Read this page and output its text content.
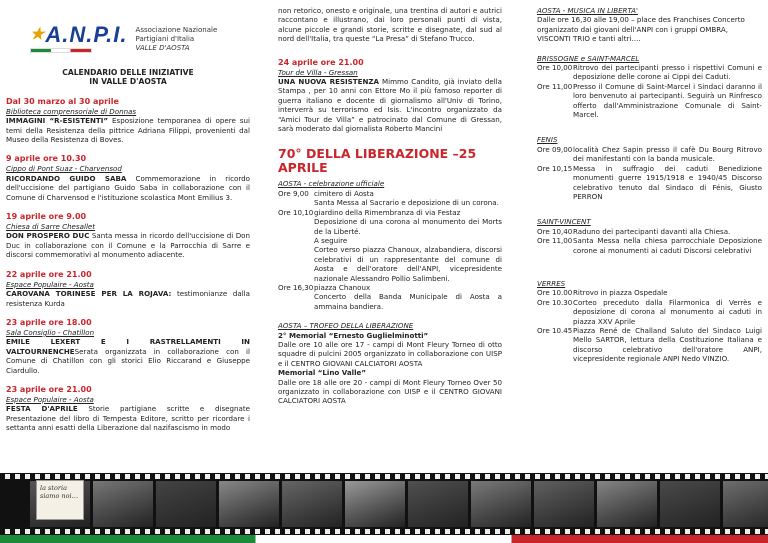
★A.N.P.I. Associazione Nazionale
Partigiani d'Italia
VALLE D'AOSTA
CALENDARIO DELLE INIZIATIVE
IN VALLE D'AOSTA
Dal 30 marzo al 30 aprile
Biblioteca comprensoriale di Donnas
IMMAGINI “R-ESISTENTI” Esposizione temporanea di opere sui temi della Resistenza della pittrice Adriana Filippi, provenienti dal Museo della Resistenza di Boves.
9 aprile ore 10.30
Cippo di Pont Suaz - Charvensod
RICORDANDO GUIDO SABA Commemorazione in ricordo dell'uccisione del partigiano Guido Saba in collaborazione con il Comune di Charvensod e l'istituzione scolastica Mont Emilius 3.
19 aprile ore 9.00
Chiesa di Sarre Chesallet
DON PROSPERO DUC Santa messa in ricordo dell'uccisione di Don Duc in collaborazione con il Comune e la Parrocchia di Sarre e discorsi commemorativi al monumento adiacente.
22 aprile ore 21.00
Espace Populaire - Aosta
CAROVANA TORINESE PER LA ROJAVA: testimonianze dalla resistenza Kurda
23 aprile ore 18.00
Sala Consiglio - Chatillon
EMILE LEXERT E I RASTRELLAMENTI IN VALTOURNENCHESerata organizzata in collaborazione con il Comune di Chatillon con gli storici Elio Riccarand e Giuseppe Ciardullo.
23 aprile ore 21.00
Espace Populaire - Aosta
FESTA D'APRILE Storie partigiane scritte e disegnate Presentazione del libro di Tempesta Editore, scritto per ricordare i settanta anni esatti della Liberazione dal nazifascismo in modo
non retorico, onesto e originale, una trentina di autori e autrici raccontano e illustrano, dai loro personali punti di vista, alcune piccole e grandi storie, scritte e disegnate, dal sud al nord dell'Italia, tra queste “La Presa” di Stefano Trucco.
24 aprile ore 21.00
Tour de Villa - Gressan
UNA NUOVA RESISTENZA Mimmo Candito, già inviato della Stampa , per 10 anni con Ettore Mo il più famoso reporter di guerra italiano e docente di giornalismo all'Univ di Torino, interverrà su terrorismo ed Isis. L'incontro organizzato da “Amici Tour de Villa” e patrocinato dal Comune di Gressan, sarà moderato dal giornalista Roberto Mancini
70° DELLA LIBERAZIONE –25 APRILE
AOSTA - celebrazione ufficiale
Ore 9,00 cimitero di Aosta
Santa Messa al Sacrario e deposizione di un corona.
Ore 10,10 giardino della Rimembranza di via Festaz
Deposizione di una corona al monumento dei Morts de la Liberté.
A seguire
Corteo verso piazza Chanoux, alzabandiera, discorsi celebrativi di un rappresentante del comune di Aosta e dell'oratore dell'ANPI, vicepresidente nazionale Alessandro Pollio Salimbeni.
Ore 16,30 piazza Chanoux
Concerto della Banda Municipale di Aosta a ammaina bandiera.
AOSTA – TROFEO DELLA LIBERAZIONE
2° Memorial “Ernesto Guglielminotti”
Dalle ore 10 alle ore 17 - campi di Mont Fleury Torneo di otto squadre di pulcini 2005 organizzato in collaborazione con UISP e il CENTRO GIOVANI CALCIATORI AOSTA
Memorial “Lino Valle”
Dalle ore 18 alle ore 20 - campi di Mont Fleury Torneo Over 50 organizzato in collaborazione con UISP e il CENTRO GIOVANI CALCIATORI AOSTA
AOSTA - MUSICA IN LIBERTA'
Dalle ore 16,30 alle 19,00 – place des Franchises Concerto organizzato dai giovani dell'ANPI con i gruppi OMBRA, VISCONTI TRIO e tanti altri….
BRISSOGNE e SAINT-MARCEL
Ore 10,00 Ritrovo dei partecipanti presso i rispettivi Comuni e deposizione delle corone ai Cippi dei Caduti.
Ore 11,00 Presso il Comune di Saint-Marcel i Sindaci daranno il loro benvenuto ai partecipanti. Seguirà un Rinfresco offerto dall'Amministrazione Comunale di Saint-Marcel.
FENIS
Ore 09,00 località Chez Sapin presso il cafè Du Bourg Ritrovo dei manifestanti con la banda musicale.
Ore 10,15 Messa in suffragio dei caduti Benedizione monumenti guerre 1915/1918 e 1940/45 Discorso celebrativo tenuto dal Sindaco di Fénis, Giusto PERRON
SAINT-VINCENT
Ore 10,40 Raduno dei partecipanti davanti alla Chiesa.
Ore 11,00 Santa Messa nella chiesa parrocchiale Deposizione corone ai monumenti ai caduti Discorsi celebrativi
VERRES
Ore 10.00 Ritrovo in piazza Ospedale
Ore 10.30 Corteo preceduto dalla Filarmonica di Verrès e deposizione di corona al monumento ai caduti in piazza XXV Aprile
Ore 10.45 Piazza René de Challand Saluto del Sindaco Luigi Mello SARTOR, lettura della Costituzione Italiana e discorso celebrativo dell'oratore ANPI, vicepresidente regionale ANPI Nedo VINZIO.
la storia
siamo noi…
